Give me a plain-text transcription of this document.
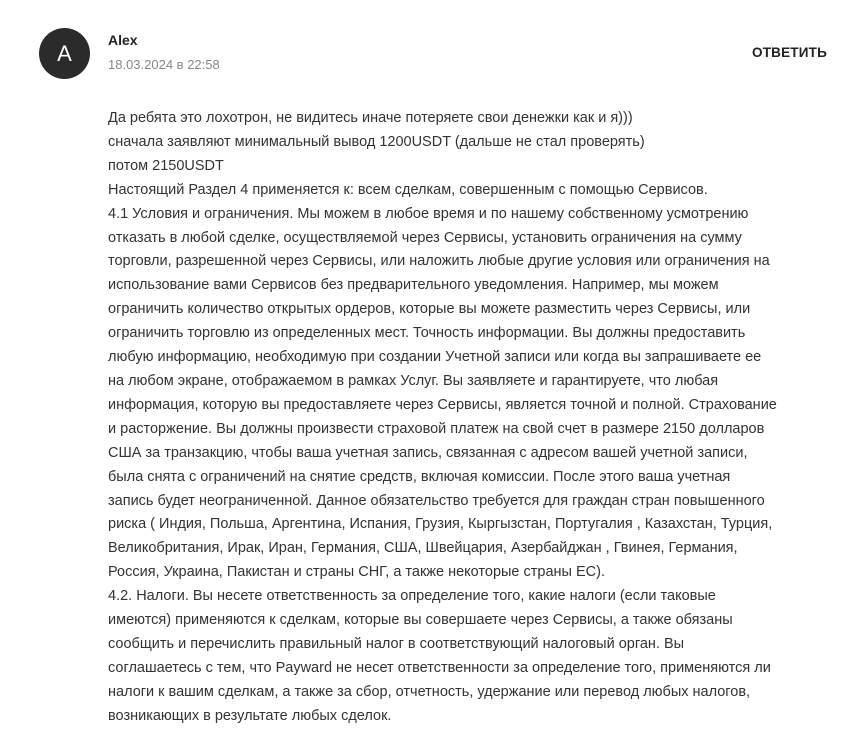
A
Alex
18.03.2024 в 22:58
ОТВЕТИТЬ
Да ребята это лохотрон, не видитесь иначе потеряете свои денежки как и я)))
сначала заявляют минимальный вывод 1200USDT (дальше не стал проверять)
потом 2150USDT
Настоящий Раздел 4 применяется к: всем сделкам, совершенным с помощью Сервисов.
4.1 Условия и ограничения. Мы можем в любое время и по нашему собственному усмотрению
отказать в любой сделке, осуществляемой через Сервисы, установить ограничения на сумму
торговли, разрешенной через Сервисы, или наложить любые другие условия или ограничения на
использование вами Сервисов без предварительного уведомления. Например, мы можем
ограничить количество открытых ордеров, которые вы можете разместить через Сервисы, или
ограничить торговлю из определенных мест. Точность информации. Вы должны предоставить
любую информацию, необходимую при создании Учетной записи или когда вы запрашиваете ее
на любом экране, отображаемом в рамках Услуг. Вы заявляете и гарантируете, что любая
информация, которую вы предоставляете через Сервисы, является точной и полной. Страхование
и расторжение. Вы должны произвести страховой платеж на свой счет в размере 2150 долларов
США за транзакцию, чтобы ваша учетная запись, связанная с адресом вашей учетной записи,
была снята с ограничений на снятие средств, включая комиссии. После этого ваша учетная
запись будет неограниченной. Данное обязательство требуется для граждан стран повышенного
риска ( Индия, Польша, Аргентина, Испания, Грузия, Кыргызстан, Португалия , Казахстан, Турция,
Великобритания, Ирак, Иран, Германия, США, Швейцария, Азербайджан , Гвинея, Германия,
Россия, Украина, Пакистан и страны СНГ, а также некоторые страны ЕС).
4.2. Налоги. Вы несете ответственность за определение того, какие налоги (если таковые
имеются) применяются к сделкам, которые вы совершаете через Сервисы, а также обязаны
сообщить и перечислить правильный налог в соответствующий налоговый орган. Вы
соглашаетесь с тем, что Payward не несет ответственности за определение того, применяются ли
налоги к вашим сделкам, а также за сбор, отчетность, удержание или перевод любых налогов,
возникающих в результате любых сделок.
